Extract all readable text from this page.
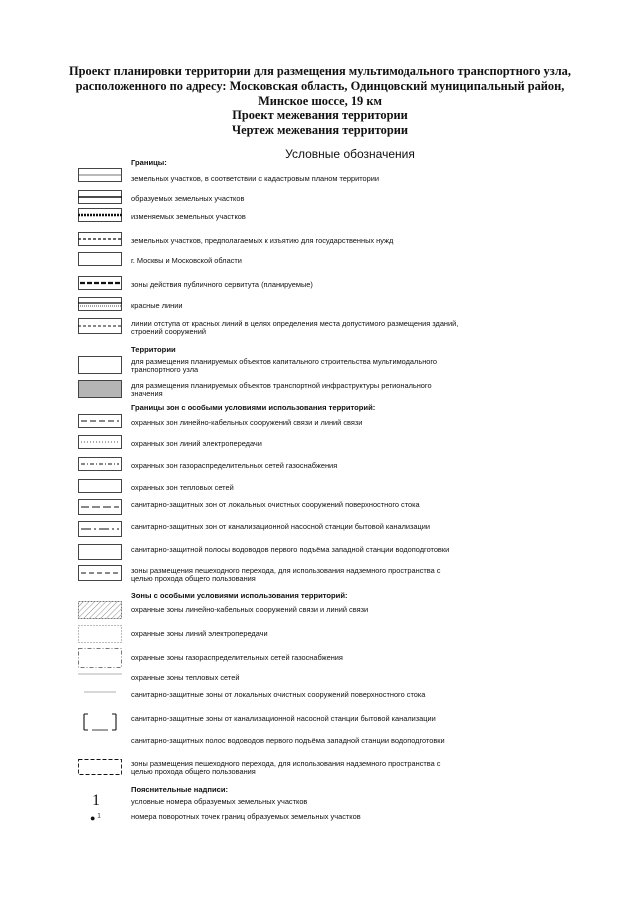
Проект планировки территории для размещения мультимодального транспортного узла,
расположенного по адресу: Московская область, Одинцовский муниципальный район,
Минское шоссе, 19 км
Проект межевания территории
Чертеж межевания территории
Условные обозначения
Границы:
земельных участков, в соответствии с кадастровым планом территории
образуемых земельных участков
изменяемых земельных участков
земельных участков, предполагаемых к изъятию для государственных нужд
г. Москвы и Московской области
зоны действия публичного сервитута (планируемые)
красные линии
линии отступа от красных линий в целях определения места допустимого размещения зданий, строений сооружений
Территории
для размещения планируемых объектов капитального строительства мультимодального транспортного узла
для размещения планируемых объектов транспортной инфраструктуры регионального значения
Границы зон с особыми условиями использования территорий:
охранных зон линейно-кабельных сооружений связи и линий связи
охранных зон линий электропередачи
охранных зон газораспределительных сетей газоснабжения
охранных зон тепловых сетей
санитарно-защитных зон от локальных очистных сооружений поверхностного стока
санитарно-защитных зон от канализационной насосной станции бытовой канализации
санитарно-защитной полосы водоводов первого подъёма западной станции водоподготовки
зоны размещения пешеходного перехода, для использования надземного пространства с целью прохода общего пользования
Зоны с особыми условиями использования территорий:
охранные зоны линейно-кабельных сооружений связи и линий связи
охранные зоны линий электропередачи
охранные зоны газораспределительных сетей газоснабжения
охранные зоны тепловых сетей
санитарно-защитные зоны от локальных очистных сооружений поверхностного стока
санитарно-защитные зоны от канализационной насосной станции бытовой канализации
санитарно-защитных полос водоводов первого подъёма западной станции водоподготовки
зоны размещения пешеходного перехода, для использования надземного пространства с целью прохода общего пользования
Пояснительные надписи:
1	условные номера образуемых земельных участков
● $^1$	номера поворотных точек границ образуемых земельных участков
